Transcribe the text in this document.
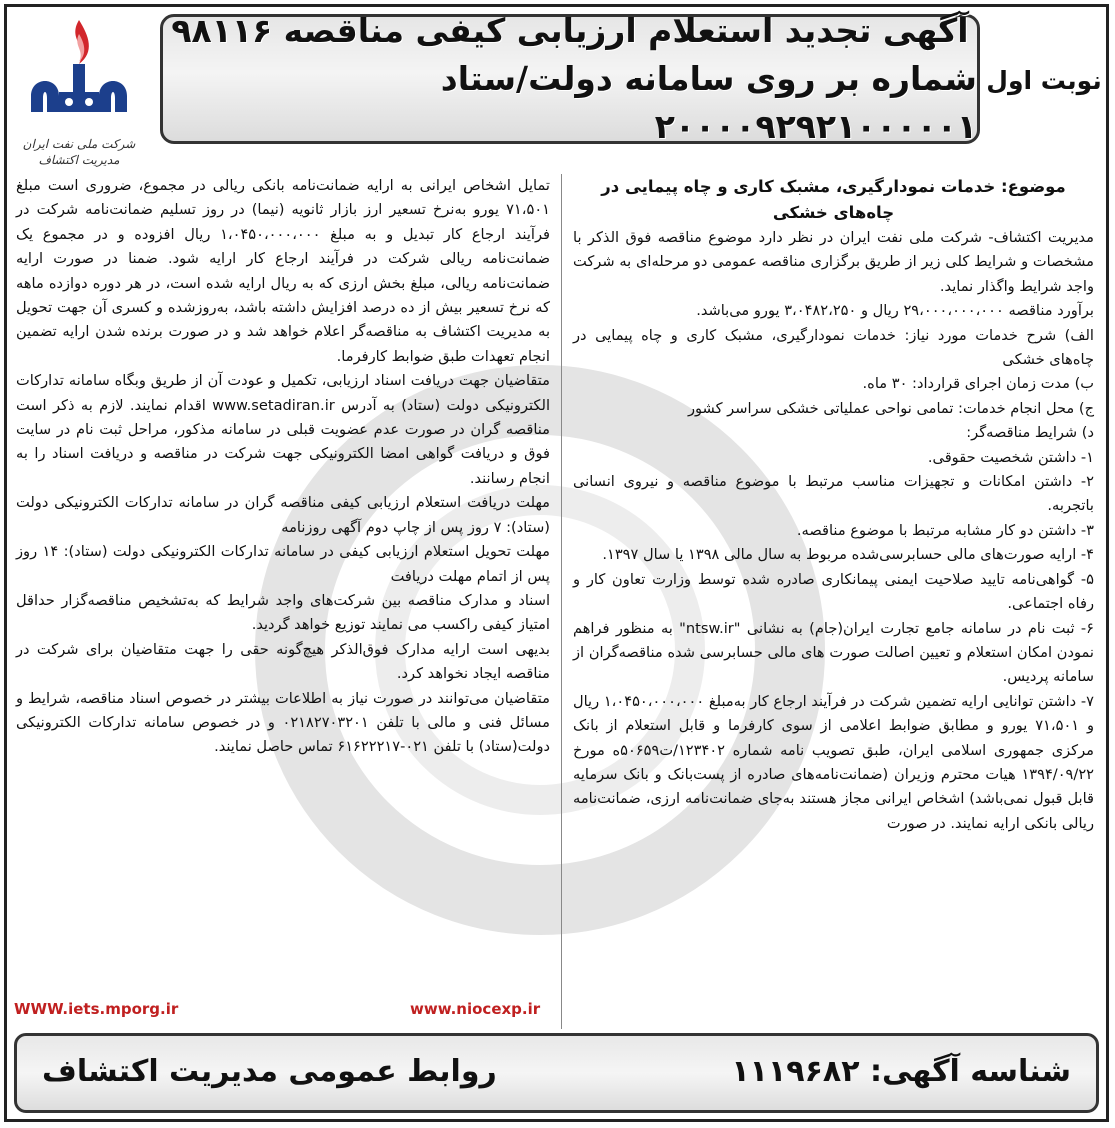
آگهی تجدید استعلام ارزیابی کیفی مناقصه ۹۸۱۱۶
شماره بر روی سامانه دولت/ستاد ۲۰۰۰۰۹۲۹۲۱۰۰۰۰۰۱
نوبت اول
شرکت ملی نفت ایران
مدیریت اکتشاف

موضوع: خدمات نمودارگیری، مشبک کاری و چاه پیمایی در چاه‌های خشکی

مدیریت اکتشاف- شرکت ملی نفت ایران در نظر دارد موضوع مناقصه فوق الذکر با مشخصات و شرایط کلی زیر از طریق برگزاری مناقصه عمومی دو مرحله‌ای به شرکت واجد شرایط واگذار نماید.

برآورد مناقصه ۲۹،۰۰۰،۰۰۰،۰۰۰ ریال و ۳،۰۴۸۲،۲۵۰ یورو می‌باشد.

الف) شرح خدمات مورد نیاز: خدمات نمودارگیری، مشبک کاری و چاه پیمایی در چاه‌های خشکی

ب) مدت زمان اجرای قرارداد: ۳۰ ماه.

ج) محل انجام خدمات: تمامی نواحی عملیاتی خشکی سراسر کشور

د) شرایط مناقصه‌گر:

۱- داشتن شخصیت حقوقی.

۲- داشتن امکانات و تجهیزات مناسب مرتبط با موضوع مناقصه و نیروی انسانی باتجربه.

۳- داشتن دو کار مشابه مرتبط با موضوع مناقصه.

۴- ارایه صورت‌های مالی حسابرسی‌شده مربوط به سال مالی ۱۳۹۸ یا سال ۱۳۹۷.

۵- گواهی‌نامه تایید صلاحیت ایمنی پیمانکاری صادره شده توسط وزارت تعاون کار و رفاه اجتماعی.

۶- ثبت نام در سامانه جامع تجارت ایران(جام) به نشانی "ntsw.ir" به منظور فراهم نمودن امکان استعلام و تعیین اصالت صورت های مالی حسابرسی شده مناقصه‌گران از سامانه پردیس.

۷- داشتن توانایی ارایه تضمین شرکت در فرآیند ارجاع کار به‌مبلغ ۱،۰۴۵۰،۰۰۰،۰۰۰ ریال و ۷۱،۵۰۱ یورو و مطابق ضوابط اعلامی از سوی کارفرما و قابل استعلام از بانک مرکزی جمهوری اسلامی ایران، طبق تصویب نامه شماره ۱۲۳۴۰۲/ت۵۰۶۵۹ه مورخ ۱۳۹۴/۰۹/۲۲ هیات محترم وزیران (ضمانت‌نامه‌های صادره از پست‌بانک و بانک سرمایه قابل قبول نمی‌باشد) اشخاص ایرانی مجاز هستند به‌جای ضمانت‌نامه ارزی، ضمانت‌نامه ریالی بانکی ارایه نمایند. در صورت

تمایل اشخاص ایرانی به ارایه ضمانت‌نامه بانکی ریالی در مجموع، ضروری است مبلغ ۷۱،۵۰۱ یورو به‌نرخ تسعیر ارز بازار ثانویه (نیما) در روز تسلیم ضمانت‌نامه شرکت در فرآیند ارجاع کار تبدیل و به مبلغ ۱،۰۴۵۰،۰۰۰،۰۰۰ ریال افزوده و در مجموع یک ضمانت‌نامه ریالی شرکت در فرآیند ارجاع کار ارایه شود. ضمنا در صورت ارایه ضمانت‌نامه ریالی، مبلغ بخش ارزی که به ریال ارایه شده است، در هر دوره دوازده ماهه که نرخ تسعیر بیش از ده درصد افزایش داشته باشد، به‌روزشده و کسری آن جهت تحویل به مدیریت اکتشاف به مناقصه‌گر اعلام خواهد شد و در صورت برنده شدن ارایه تضمین انجام تعهدات طبق ضوابط کارفرما.

متقاضیان جهت دریافت اسناد ارزیابی، تکمیل و عودت آن از طریق وبگاه سامانه تدارکات الکترونیکی دولت (ستاد) به آدرس www.setadiran.ir اقدام نمایند. لازم به ذکر است مناقصه گران در صورت عدم عضویت قبلی در سامانه مذکور، مراحل ثبت نام در سایت فوق و دریافت گواهی امضا الکترونیکی جهت شرکت در مناقصه و دریافت اسناد را به انجام رسانند.

مهلت دریافت استعلام ارزیابی کیفی مناقصه گران در سامانه تدارکات الکترونیکی دولت (ستاد): ۷ روز پس از چاپ دوم آگهی روزنامه

مهلت تحویل استعلام ارزیابی کیفی در سامانه تدارکات الکترونیکی دولت (ستاد): ۱۴ روز پس از اتمام مهلت دریافت

اسناد و مدارک مناقصه بین شرکت‌های واجد شرایط که به‌تشخیص مناقصه‌گزار حداقل امتیاز کیفی راکسب می نمایند توزیع خواهد گردید.

بدیهی است ارایه مدارک فوق‌الذکر هیچ‌گونه حقی را جهت متقاضیان برای شرکت در مناقصه ایجاد نخواهد کرد.

متقاضیان می‌توانند در صورت نیاز به اطلاعات بیشتر در خصوص اسناد مناقصه، شرایط و مسائل فنی و مالی با تلفن ۰۲۱۸۲۷۰۳۲۰۱ و در خصوص سامانه تدارکات الکترونیکی دولت(ستاد) با تلفن ۰۲۱-۶۱۶۲۲۲۱۷ تماس حاصل نمایند.

WWW.iets.mporg.ir	www.niocexp.ir
شناسه آگهی: ۱۱۱۹۶۸۲
روابط عمومی مدیریت اکتشاف
